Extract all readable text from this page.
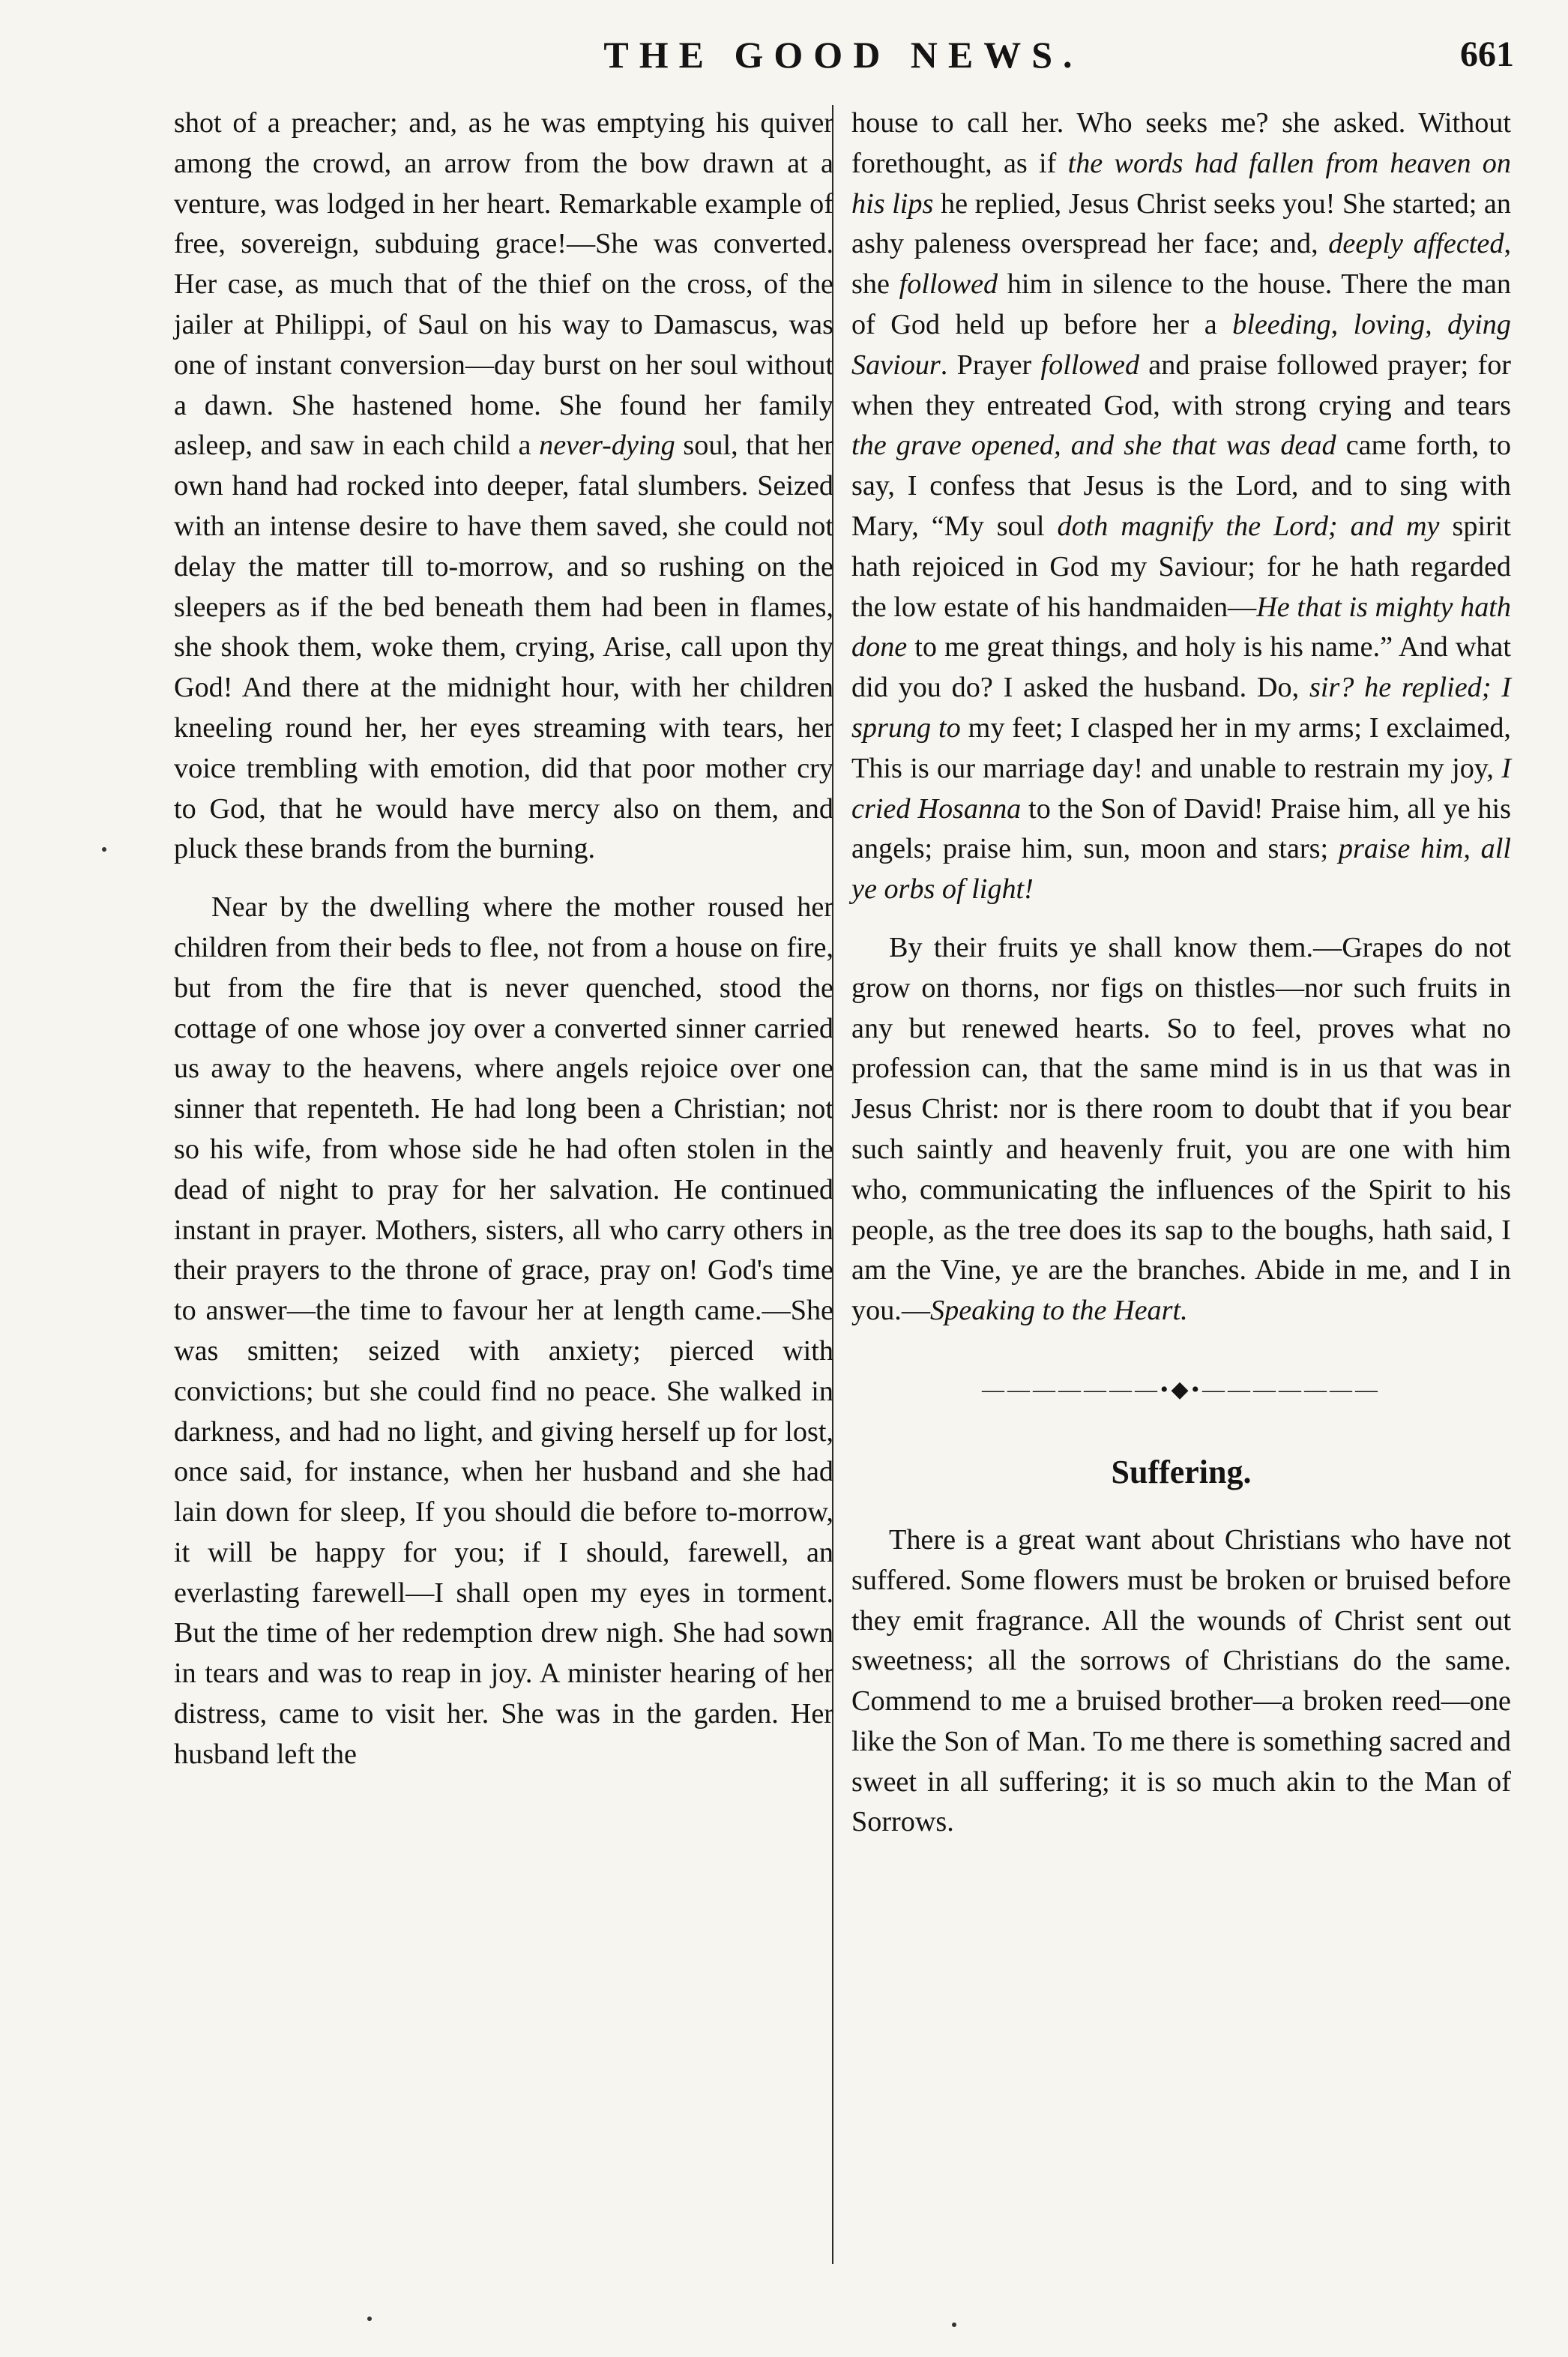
THE GOOD NEWS.	661

shot of a preacher; and, as he was emptying his quiver among the crowd, an arrow from the bow drawn at a venture, was lodged in her heart. Remarkable example of free, sovereign, subduing grace!—She was converted. Her case, as much that of the thief on the cross, of the jailer at Philippi, of Saul on his way to Damascus, was one of instant conversion—day burst on her soul without a dawn. She hastened home. She found her family asleep, and saw in each child a never-dying soul, that her own hand had rocked into deeper, fatal slumbers. Seized with an intense desire to have them saved, she could not delay the matter till to-morrow, and so rushing on the sleepers as if the bed beneath them had been in flames, she shook them, woke them, crying, Arise, call upon thy God! And there at the midnight hour, with her children kneeling round her, her eyes streaming with tears, her voice trembling with emotion, did that poor mother cry to God, that he would have mercy also on them, and pluck these brands from the burning.

Near by the dwelling where the mother roused her children from their beds to flee, not from a house on fire, but from the fire that is never quenched, stood the cottage of one whose joy over a converted sinner carried us away to the heavens, where angels rejoice over one sinner that repenteth. He had long been a Christian; not so his wife, from whose side he had often stolen in the dead of night to pray for her salvation. He continued instant in prayer. Mothers, sisters, all who carry others in their prayers to the throne of grace, pray on! God's time to answer—the time to favour her at length came.—She was smitten; seized with anxiety; pierced with convictions; but she could find no peace. She walked in darkness, and had no light, and giving herself up for lost, once said, for instance, when her husband and she had lain down for sleep, If you should die before to-morrow, it will be happy for you; if I should, farewell, an everlasting farewell—I shall open my eyes in torment. But the time of her redemption drew nigh. She had sown in tears and was to reap in joy. A minister hearing of her distress, came to visit her. She was in the garden. Her husband left the

house to call her. Who seeks me? she asked. Without forethought, as if the words had fallen from heaven on his lips he replied, Jesus Christ seeks you! She started; an ashy paleness overspread her face; and, deeply affected, she followed him in silence to the house. There the man of God held up before her a bleeding, loving, dying Saviour. Prayer followed and praise followed prayer; for when they entreated God, with strong crying and tears the grave opened, and she that was dead came forth, to say, I confess that Jesus is the Lord, and to sing with Mary, “My soul doth magnify the Lord; and my spirit hath rejoiced in God my Saviour; for he hath regarded the low estate of his handmaiden—He that is mighty hath done to me great things, and holy is his name.” And what did you do? I asked the husband. Do, sir? he replied; I sprung to my feet; I clasped her in my arms; I exclaimed, This is our marriage day! and unable to restrain my joy, I cried Hosanna to the Son of David! Praise him, all ye his angels; praise him, sun, moon and stars; praise him, all ye orbs of light!

By their fruits ye shall know them.—Grapes do not grow on thorns, nor figs on thistles—nor such fruits in any but renewed hearts. So to feel, proves what no profession can, that the same mind is in us that was in Jesus Christ: nor is there room to doubt that if you bear such saintly and heavenly fruit, you are one with him who, communicating the influences of the Spirit to his people, as the tree does its sap to the boughs, hath said, I am the Vine, ye are the branches. Abide in me, and I in you.—Speaking to the Heart.

———————•◆•———————
Suffering.

There is a great want about Christians who have not suffered. Some flowers must be broken or bruised before they emit fragrance. All the wounds of Christ sent out sweetness; all the sorrows of Christians do the same. Commend to me a bruised brother—a broken reed—one like the Son of Man. To me there is something sacred and sweet in all suffering; it is so much akin to the Man of Sorrows.
